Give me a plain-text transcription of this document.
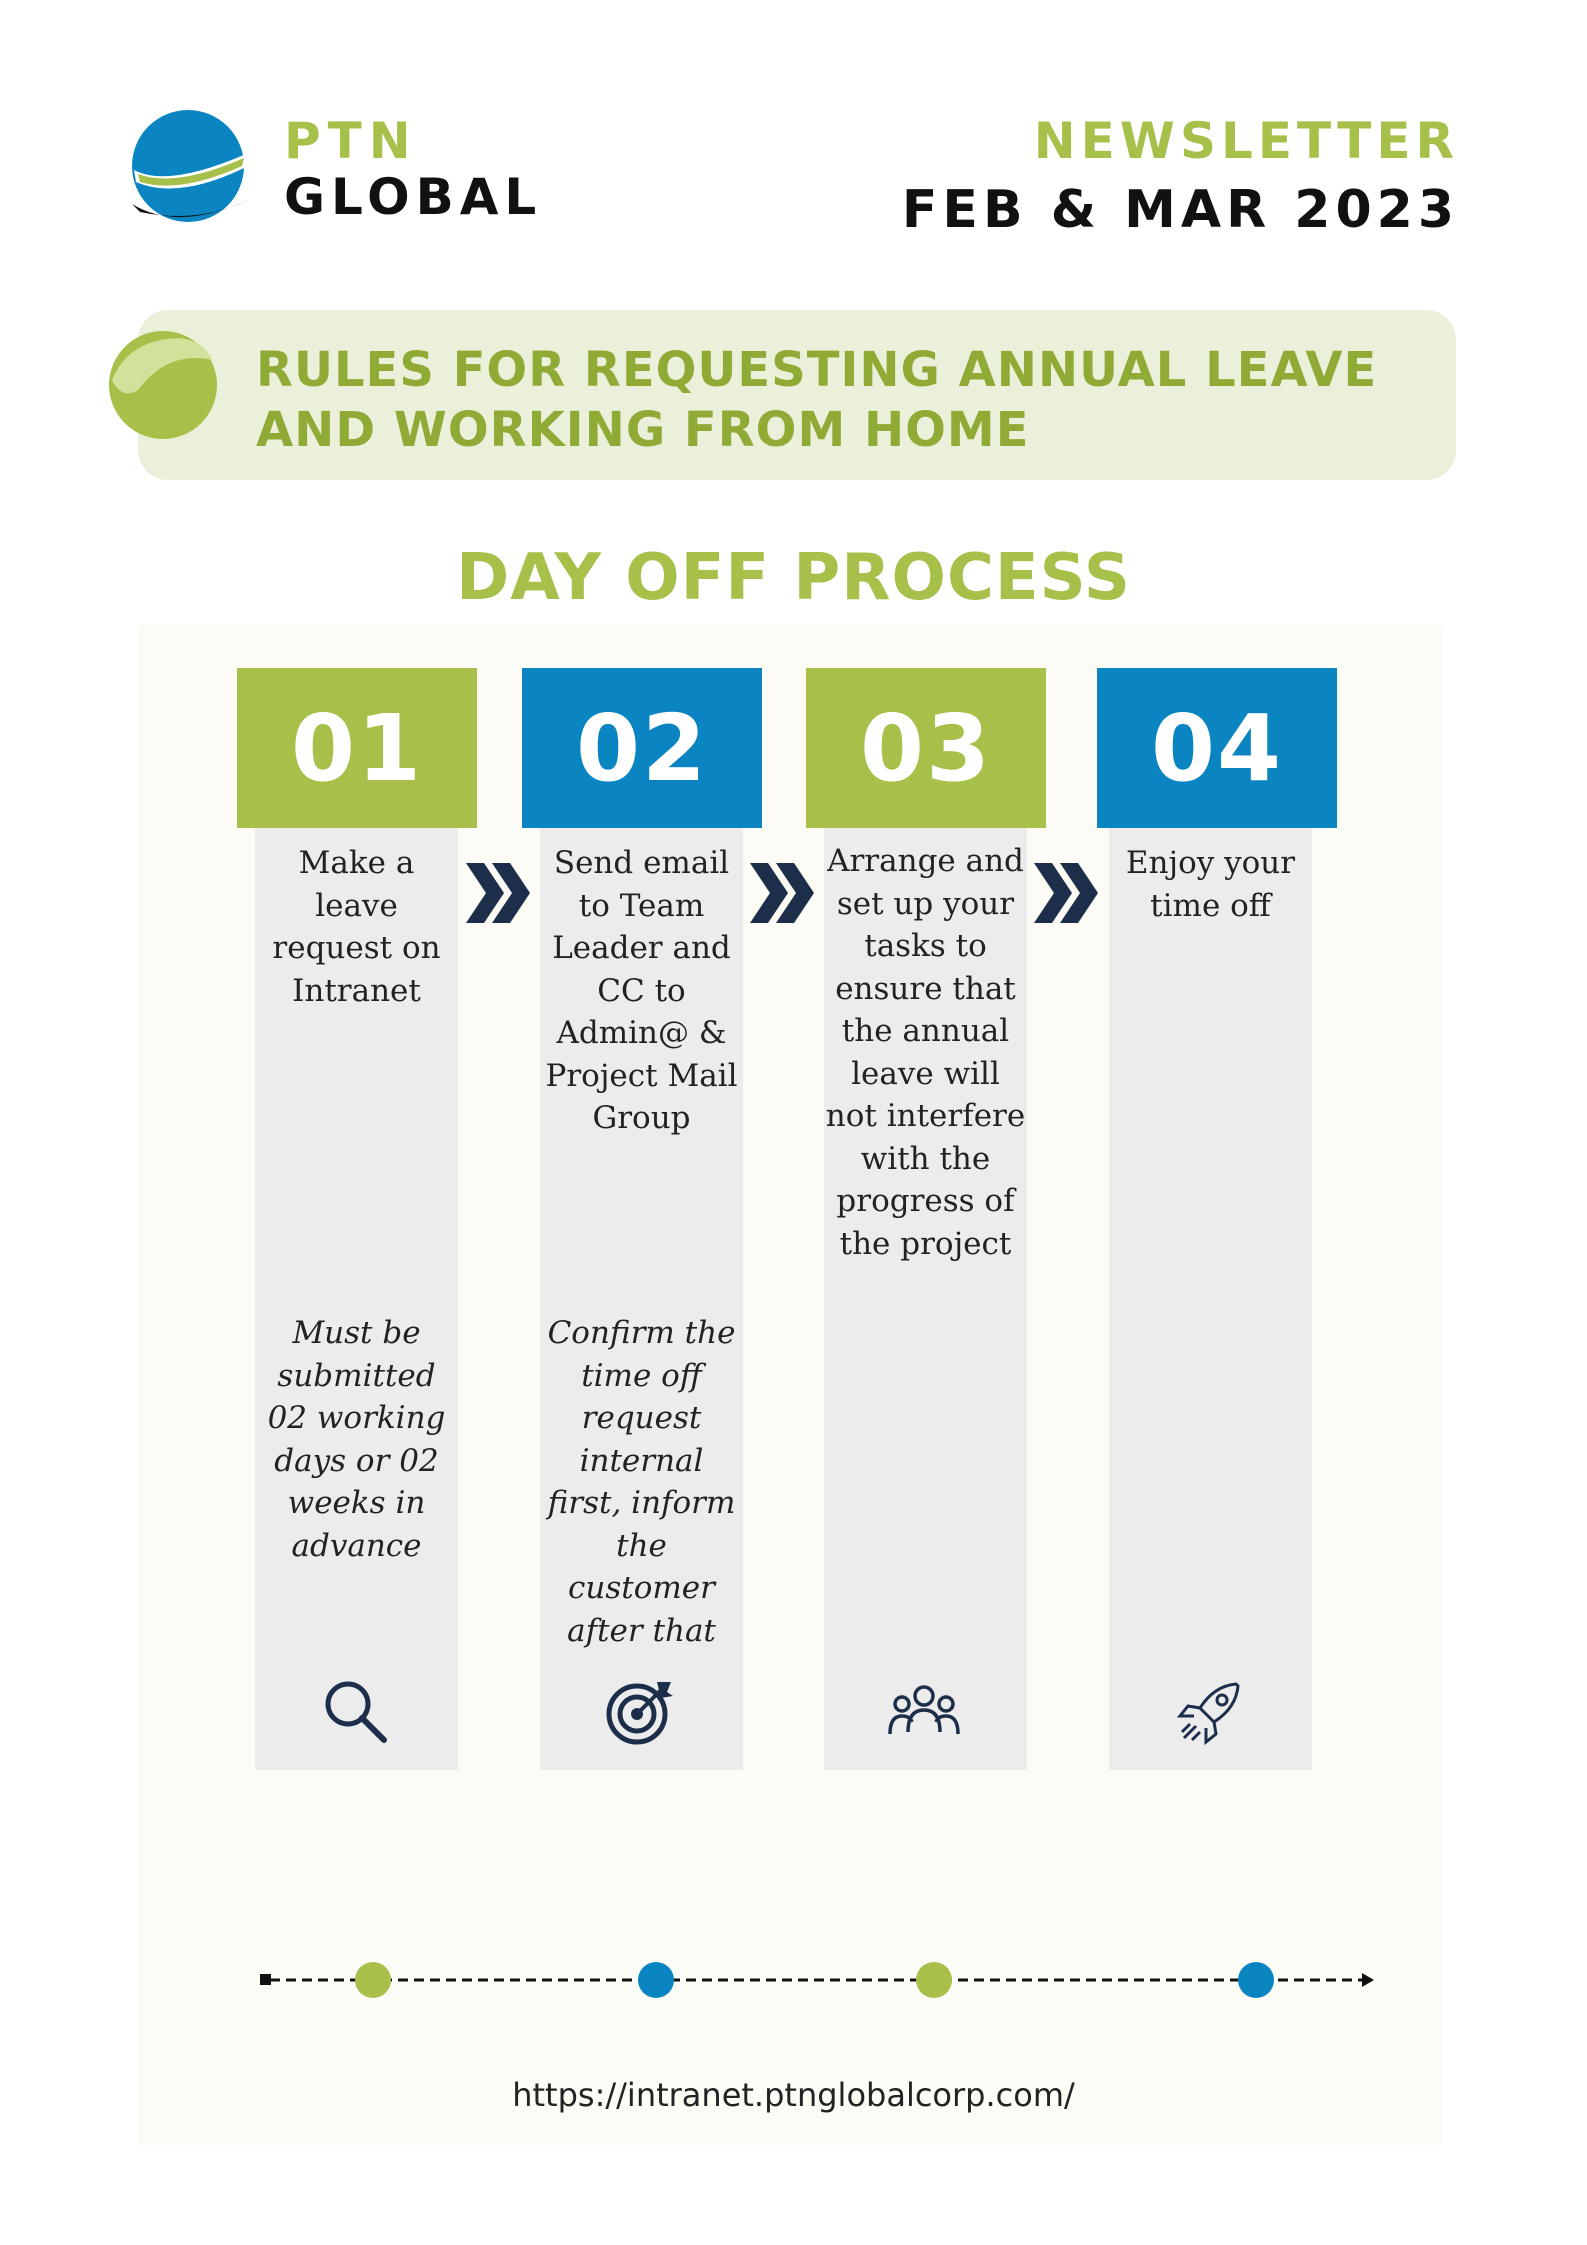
PTN
GLOBAL
NEWSLETTER
FEB & MAR 2023
RULES FOR REQUESTING ANNUAL LEAVE
AND WORKING FROM HOME
DAY OFF PROCESS
01	02	03	04
Make a leave request on Intranet
Send email to Team Leader and CC to Admin@ & Project Mail Group
Arrange and set up your tasks to ensure that the annual leave will not interfere with the progress of the project
Enjoy your time off
Must be submitted 02 working days or 02 weeks in advance
Confirm the time off request internal first, inform the customer after that
https://intranet.ptnglobalcorp.com/
